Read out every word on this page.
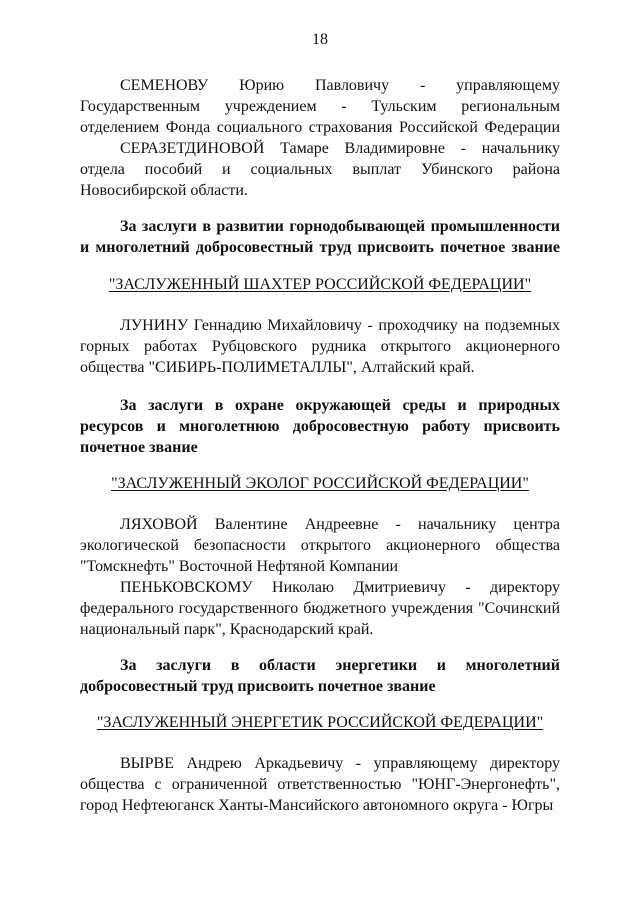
18
СЕМЕНОВУ Юрию Павловичу - управляющему
Государственным учреждением - Тульским региональным
отделением Фонда социального страхования Российской Федерации
СЕРАЗЕТДИНОВОЙ Тамаре Владимировне - начальнику
отдела пособий и социальных выплат Убинского района
Новосибирской области.
За заслуги в развитии горнодобывающей промышленности
и многолетний добросовестный труд присвоить почетное звание
"ЗАСЛУЖЕННЫЙ ШАХТЕР РОССИЙСКОЙ ФЕДЕРАЦИИ"
ЛУНИНУ Геннадию Михайловичу - проходчику на подземных
горных работах Рубцовского рудника открытого акционерного
общества "СИБИРЬ-ПОЛИМЕТАЛЛЫ", Алтайский край.
За заслуги в охране окружающей среды и природных
ресурсов и многолетнюю добросовестную работу присвоить
почетное звание
"ЗАСЛУЖЕННЫЙ ЭКОЛОГ РОССИЙСКОЙ ФЕДЕРАЦИИ"
ЛЯХОВОЙ Валентине Андреевне - начальнику центра
экологической безопасности открытого акционерного общества
"Томскнефть" Восточной Нефтяной Компании
ПЕНЬКОВСКОМУ Николаю Дмитриевичу - директору
федерального государственного бюджетного учреждения "Сочинский
национальный парк", Краснодарский край.
За заслуги в области энергетики и многолетний
добросовестный труд присвоить почетное звание
"ЗАСЛУЖЕННЫЙ ЭНЕРГЕТИК РОССИЙСКОЙ ФЕДЕРАЦИИ"
ВЫРВЕ Андрею Аркадьевичу - управляющему директору
общества с ограниченной ответственностью "ЮНГ-Энергонефть",
город Нефтеюганск Ханты-Мансийского автономного округа - Югры
